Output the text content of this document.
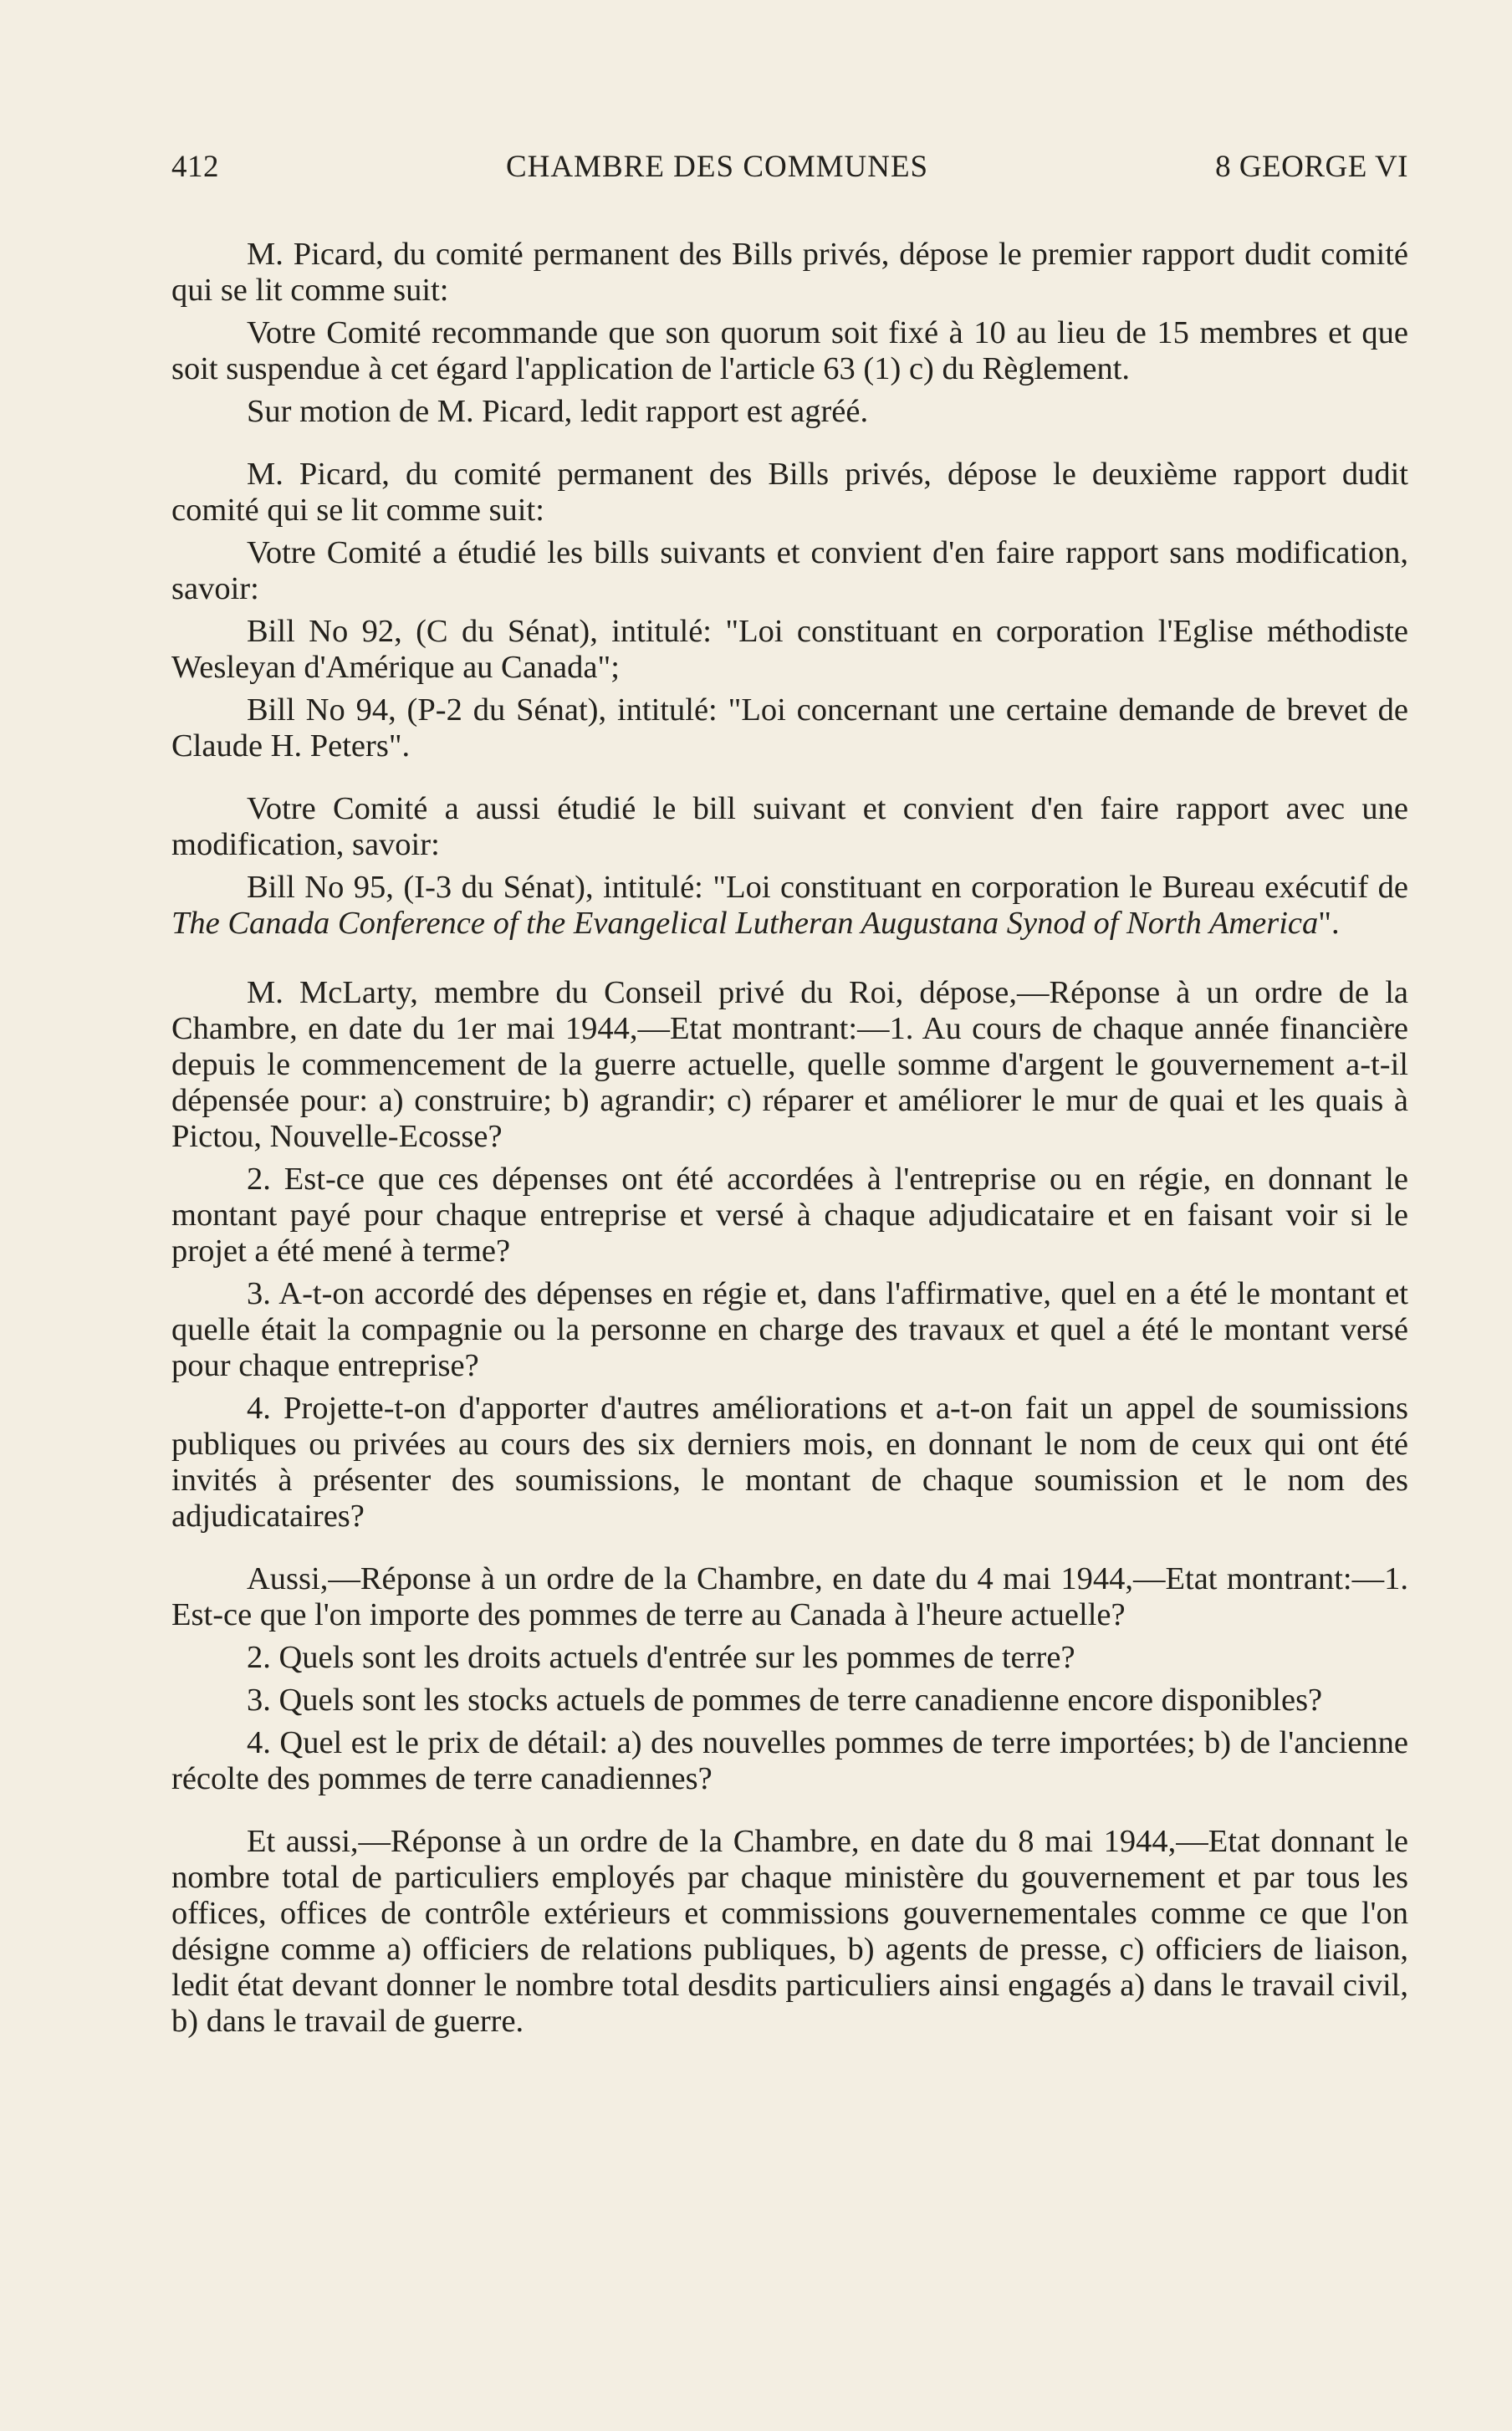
412	CHAMBRE DES COMMUNES	8 GEORGE VI

M. Picard, du comité permanent des Bills privés, dépose le premier rapport dudit comité qui se lit comme suit:

Votre Comité recommande que son quorum soit fixé à 10 au lieu de 15 membres et que soit suspendue à cet égard l'application de l'article 63 (1) c) du Règlement.

Sur motion de M. Picard, ledit rapport est agréé.

M. Picard, du comité permanent des Bills privés, dépose le deuxième rapport dudit comité qui se lit comme suit:

Votre Comité a étudié les bills suivants et convient d'en faire rapport sans modification, savoir:

Bill No 92, (C du Sénat), intitulé: "Loi constituant en corporation l'Eglise méthodiste Wesleyan d'Amérique au Canada";

Bill No 94, (P-2 du Sénat), intitulé: "Loi concernant une certaine demande de brevet de Claude H. Peters".

Votre Comité a aussi étudié le bill suivant et convient d'en faire rapport avec une modification, savoir:

Bill No 95, (I-3 du Sénat), intitulé: "Loi constituant en corporation le Bureau exécutif de The Canada Conference of the Evangelical Lutheran Augustana Synod of North America".

M. McLarty, membre du Conseil privé du Roi, dépose,—Réponse à un ordre de la Chambre, en date du 1er mai 1944,—Etat montrant:—1. Au cours de chaque année financière depuis le commencement de la guerre actuelle, quelle somme d'argent le gouvernement a-t-il dépensée pour: a) construire; b) agrandir; c) réparer et améliorer le mur de quai et les quais à Pictou, Nouvelle-Ecosse?

2. Est-ce que ces dépenses ont été accordées à l'entreprise ou en régie, en donnant le montant payé pour chaque entreprise et versé à chaque adjudicataire et en faisant voir si le projet a été mené à terme?

3. A-t-on accordé des dépenses en régie et, dans l'affirmative, quel en a été le montant et quelle était la compagnie ou la personne en charge des travaux et quel a été le montant versé pour chaque entreprise?

4. Projette-t-on d'apporter d'autres améliorations et a-t-on fait un appel de soumissions publiques ou privées au cours des six derniers mois, en donnant le nom de ceux qui ont été invités à présenter des soumissions, le montant de chaque soumission et le nom des adjudicataires?

Aussi,—Réponse à un ordre de la Chambre, en date du 4 mai 1944,—Etat montrant:—1. Est-ce que l'on importe des pommes de terre au Canada à l'heure actuelle?

2. Quels sont les droits actuels d'entrée sur les pommes de terre?

3. Quels sont les stocks actuels de pommes de terre canadienne encore disponibles?

4. Quel est le prix de détail: a) des nouvelles pommes de terre importées; b) de l'ancienne récolte des pommes de terre canadiennes?

Et aussi,—Réponse à un ordre de la Chambre, en date du 8 mai 1944,—Etat donnant le nombre total de particuliers employés par chaque ministère du gouvernement et par tous les offices, offices de contrôle extérieurs et commissions gouvernementales comme ce que l'on désigne comme a) officiers de relations publiques, b) agents de presse, c) officiers de liaison, ledit état devant donner le nombre total desdits particuliers ainsi engagés a) dans le travail civil, b) dans le travail de guerre.
